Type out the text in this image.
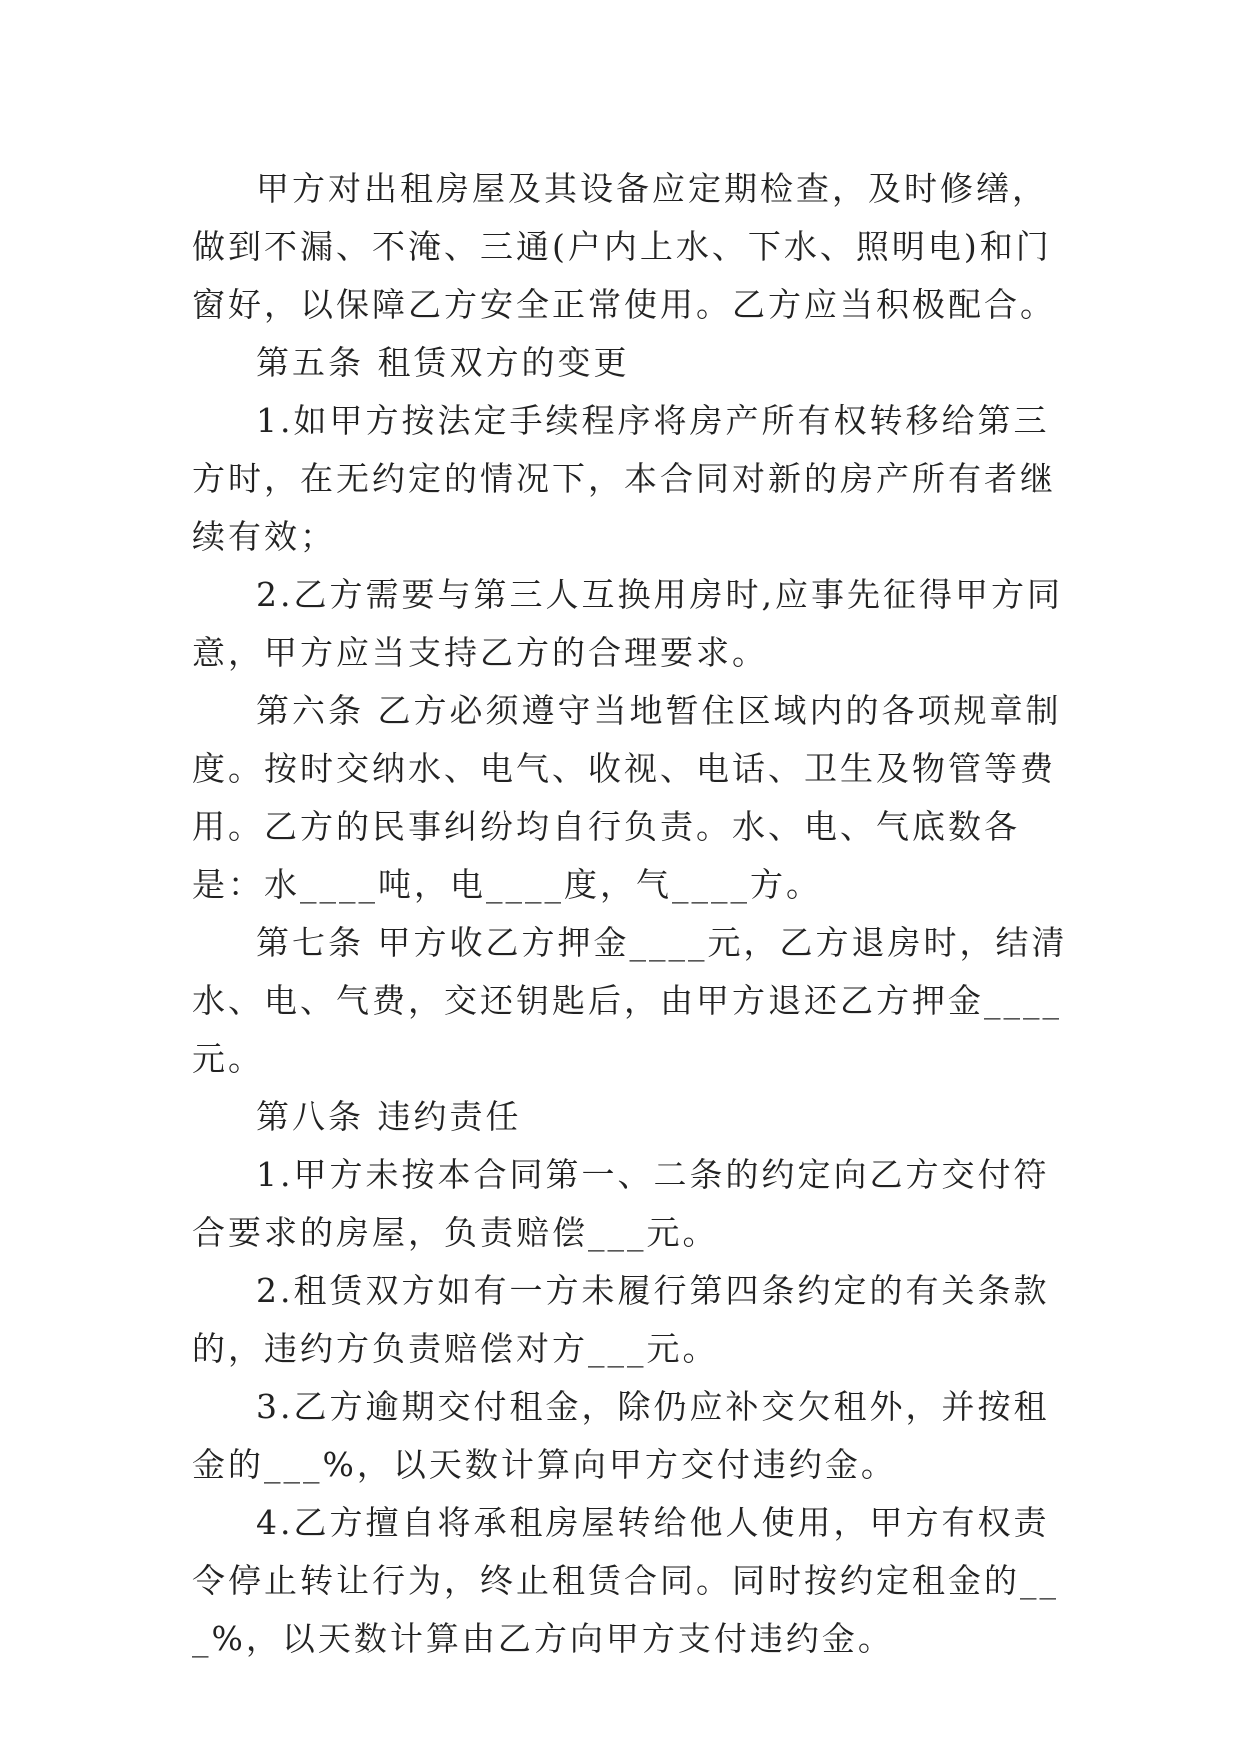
甲方对出租房屋及其设备应定期检查，及时修缮，做到不漏、不淹、三通(户内上水、下水、照明电)和门窗好，以保障乙方安全正常使用。乙方应当积极配合。

第五条 租赁双方的变更

1.如甲方按法定手续程序将房产所有权转移给第三方时，在无约定的情况下，本合同对新的房产所有者继续有效；

2.乙方需要与第三人互换用房时,应事先征得甲方同意，甲方应当支持乙方的合理要求。

第六条 乙方必须遵守当地暂住区域内的各项规章制度。按时交纳水、电气、收视、电话、卫生及物管等费用。乙方的民事纠纷均自行负责。水、电、气底数各是：水____吨，电____度，气____方。

第七条 甲方收乙方押金____元，乙方退房时，结清水、电、气费，交还钥匙后，由甲方退还乙方押金____元。

第八条 违约责任

1.甲方未按本合同第一、二条的约定向乙方交付符合要求的房屋，负责赔偿___元。

2.租赁双方如有一方未履行第四条约定的有关条款的，违约方负责赔偿对方___元。

3.乙方逾期交付租金，除仍应补交欠租外，并按租金的___%，以天数计算向甲方交付违约金。

4.乙方擅自将承租房屋转给他人使用，甲方有权责令停止转让行为，终止租赁合同。同时按约定租金的___%，以天数计算由乙方向甲方支付违约金。
